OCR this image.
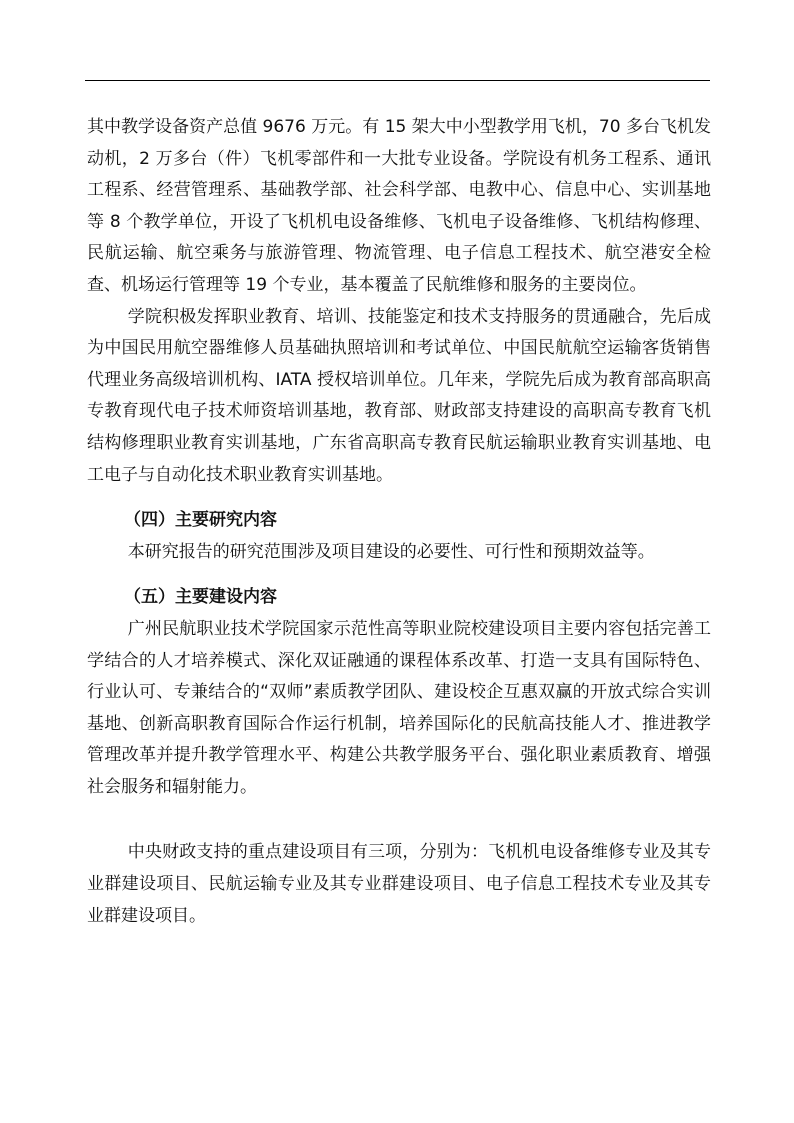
其中教学设备资产总值 9676 万元。有 15 架大中小型教学用飞机，70 多台飞机发动机，2 万多台（件）飞机零部件和一大批专业设备。学院设有机务工程系、通讯工程系、经营管理系、基础教学部、社会科学部、电教中心、信息中心、实训基地等 8 个教学单位，开设了飞机机电设备维修、飞机电子设备维修、飞机结构修理、民航运输、航空乘务与旅游管理、物流管理、电子信息工程技术、航空港安全检查、机场运行管理等 19 个专业，基本覆盖了民航维修和服务的主要岗位。

学院积极发挥职业教育、培训、技能鉴定和技术支持服务的贯通融合，先后成为中国民用航空器维修人员基础执照培训和考试单位、中国民航航空运输客货销售代理业务高级培训机构、IATA 授权培训单位。几年来，学院先后成为教育部高职高专教育现代电子技术师资培训基地，教育部、财政部支持建设的高职高专教育飞机结构修理职业教育实训基地，广东省高职高专教育民航运输职业教育实训基地、电工电子与自动化技术职业教育实训基地。

（四）主要研究内容

本研究报告的研究范围涉及项目建设的必要性、可行性和预期效益等。

（五）主要建设内容

广州民航职业技术学院国家示范性高等职业院校建设项目主要内容包括完善工学结合的人才培养模式、深化双证融通的课程体系改革、打造一支具有国际特色、行业认可、专兼结合的“双师”素质教学团队、建设校企互惠双赢的开放式综合实训基地、创新高职教育国际合作运行机制，培养国际化的民航高技能人才、推进教学管理改革并提升教学管理水平、构建公共教学服务平台、强化职业素质教育、增强社会服务和辐射能力。

中央财政支持的重点建设项目有三项，分别为：飞机机电设备维修专业及其专业群建设项目、民航运输专业及其专业群建设项目、电子信息工程技术专业及其专业群建设项目。
